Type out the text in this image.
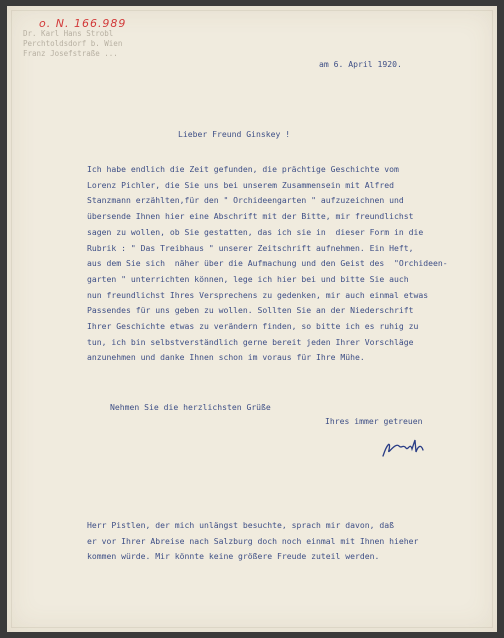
o. N. 166.989
Dr. Karl Hans Strobl
Perchtoldsdorf b. Wien
Franz Josefstraße ...
am 6. April 1920.
Lieber Freund Ginskey !
Ich habe endlich die Zeit gefunden, die prächtige Geschichte vom
Lorenz Pichler, die Sie uns bei unserem Zusammensein mit Alfred
Stanzmann erzählten,für den " Orchideengarten " aufzuzeichnen und
übersende Ihnen hier eine Abschrift mit der Bitte, mir freundlichst
sagen zu wollen, ob Sie gestatten, das ich sie in  dieser Form in die
Rubrik : " Das Treibhaus " unserer Zeitschrift aufnehmen. Ein Heft,
aus dem Sie sich  näher über die Aufmachung und den Geist des  "Orchideen-
garten " unterrichten können, lege ich hier bei und bitte Sie auch
nun freundlichst Ihres Versprechens zu gedenken, mir auch einmal etwas
Passendes für uns geben zu wollen. Sollten Sie an der Niederschrift
Ihrer Geschichte etwas zu verändern finden, so bitte ich es ruhig zu
tun, ich bin selbstverständlich gerne bereit jeden Ihrer Vorschläge
anzunehmen und danke Ihnen schon im voraus für Ihre Mühe.
Nehmen Sie die herzlichsten Grüße
Ihres immer getreuen
Herr Pistlen, der mich unlängst besuchte, sprach mir davon, daß
er vor Ihrer Abreise nach Salzburg doch noch einmal mit Ihnen hieher
kommen würde. Mir könnte keine größere Freude zuteil werden.
